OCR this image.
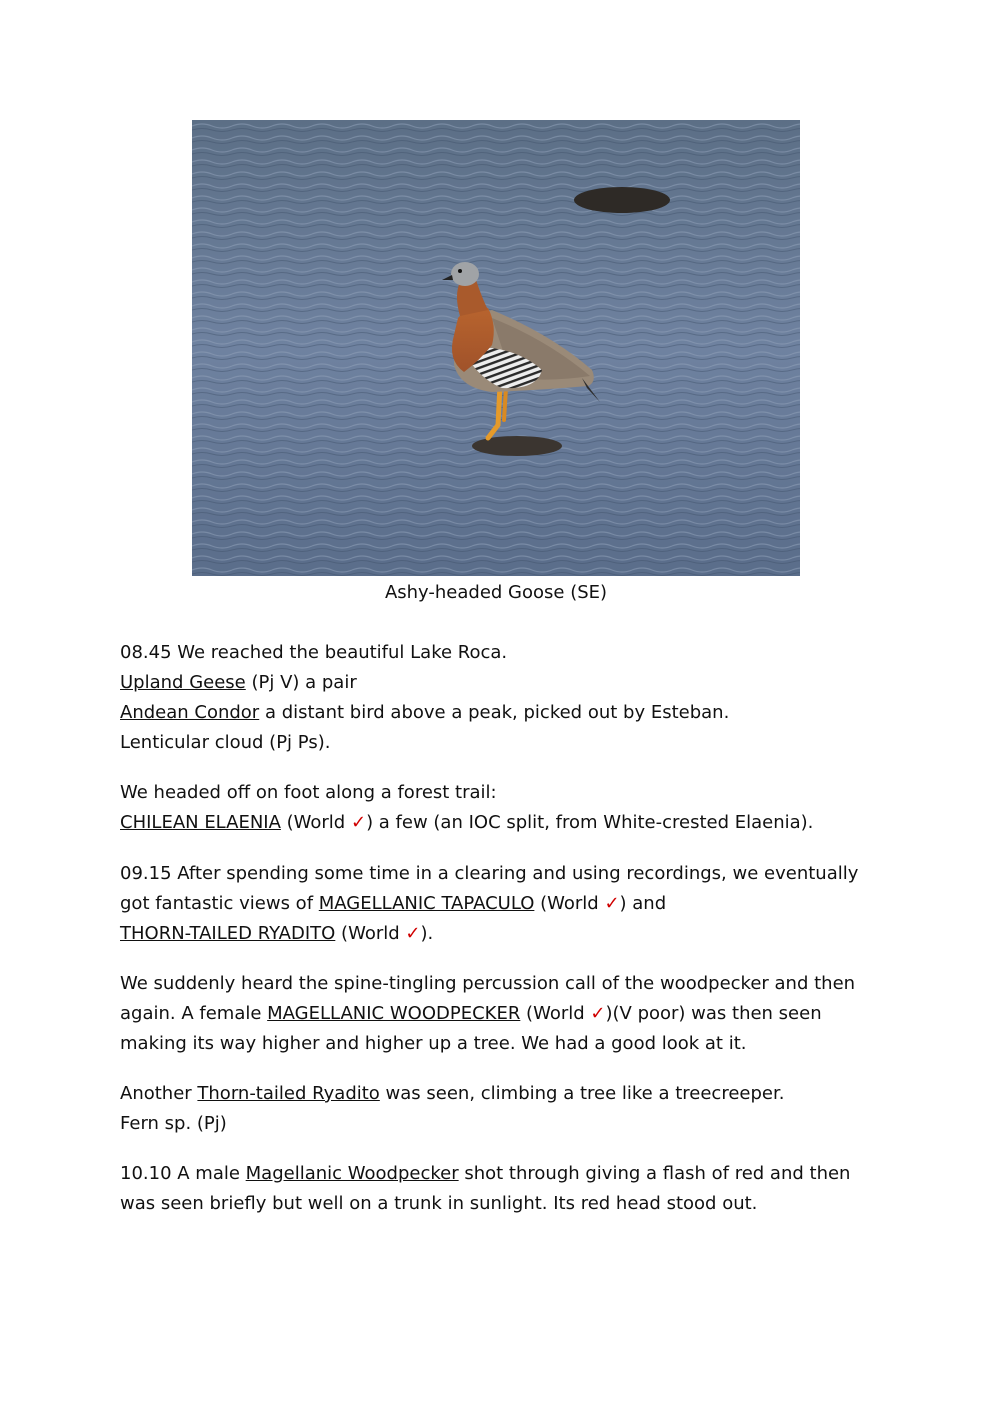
Ashy-headed Goose (SE)

08.45 We reached the beautiful Lake Roca.

Upland Geese (Pj V) a pair

Andean Condor a distant bird above a peak, picked out by Esteban.

Lenticular cloud (Pj Ps).

We headed off on foot along a forest trail:

CHILEAN ELAENIA (World ✓) a few (an IOC split, from White-crested Elaenia).

09.15 After spending some time in a clearing and using recordings, we eventually

got fantastic views of MAGELLANIC TAPACULO (World ✓) and

THORN-TAILED RYADITO (World ✓).

We suddenly heard the spine-tingling percussion call of the woodpecker and then

again. A female MAGELLANIC WOODPECKER (World ✓)(V poor) was then seen

making its way higher and higher up a tree. We had a good look at it.

Another Thorn-tailed Ryadito was seen, climbing a tree like a treecreeper.

Fern sp. (Pj)

10.10 A male Magellanic Woodpecker shot through giving a flash of red and then

was seen briefly but well on a trunk in sunlight. Its red head stood out.
